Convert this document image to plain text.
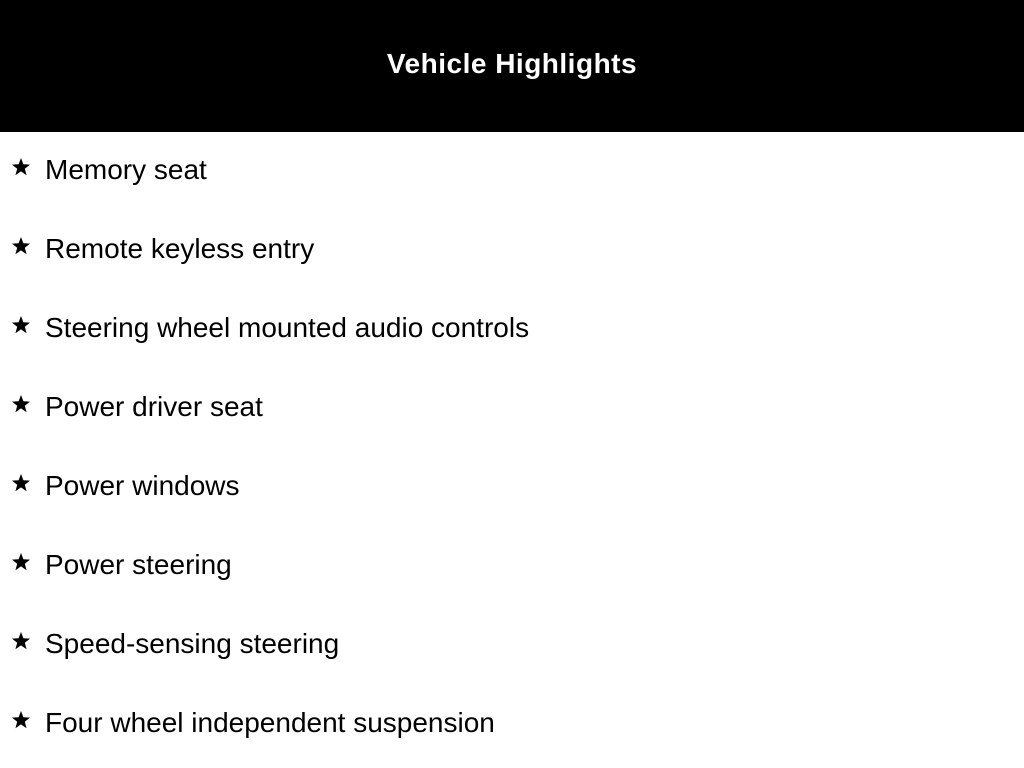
Vehicle Highlights
Memory seat
Remote keyless entry
Steering wheel mounted audio controls
Power driver seat
Power windows
Power steering
Speed-sensing steering
Four wheel independent suspension
